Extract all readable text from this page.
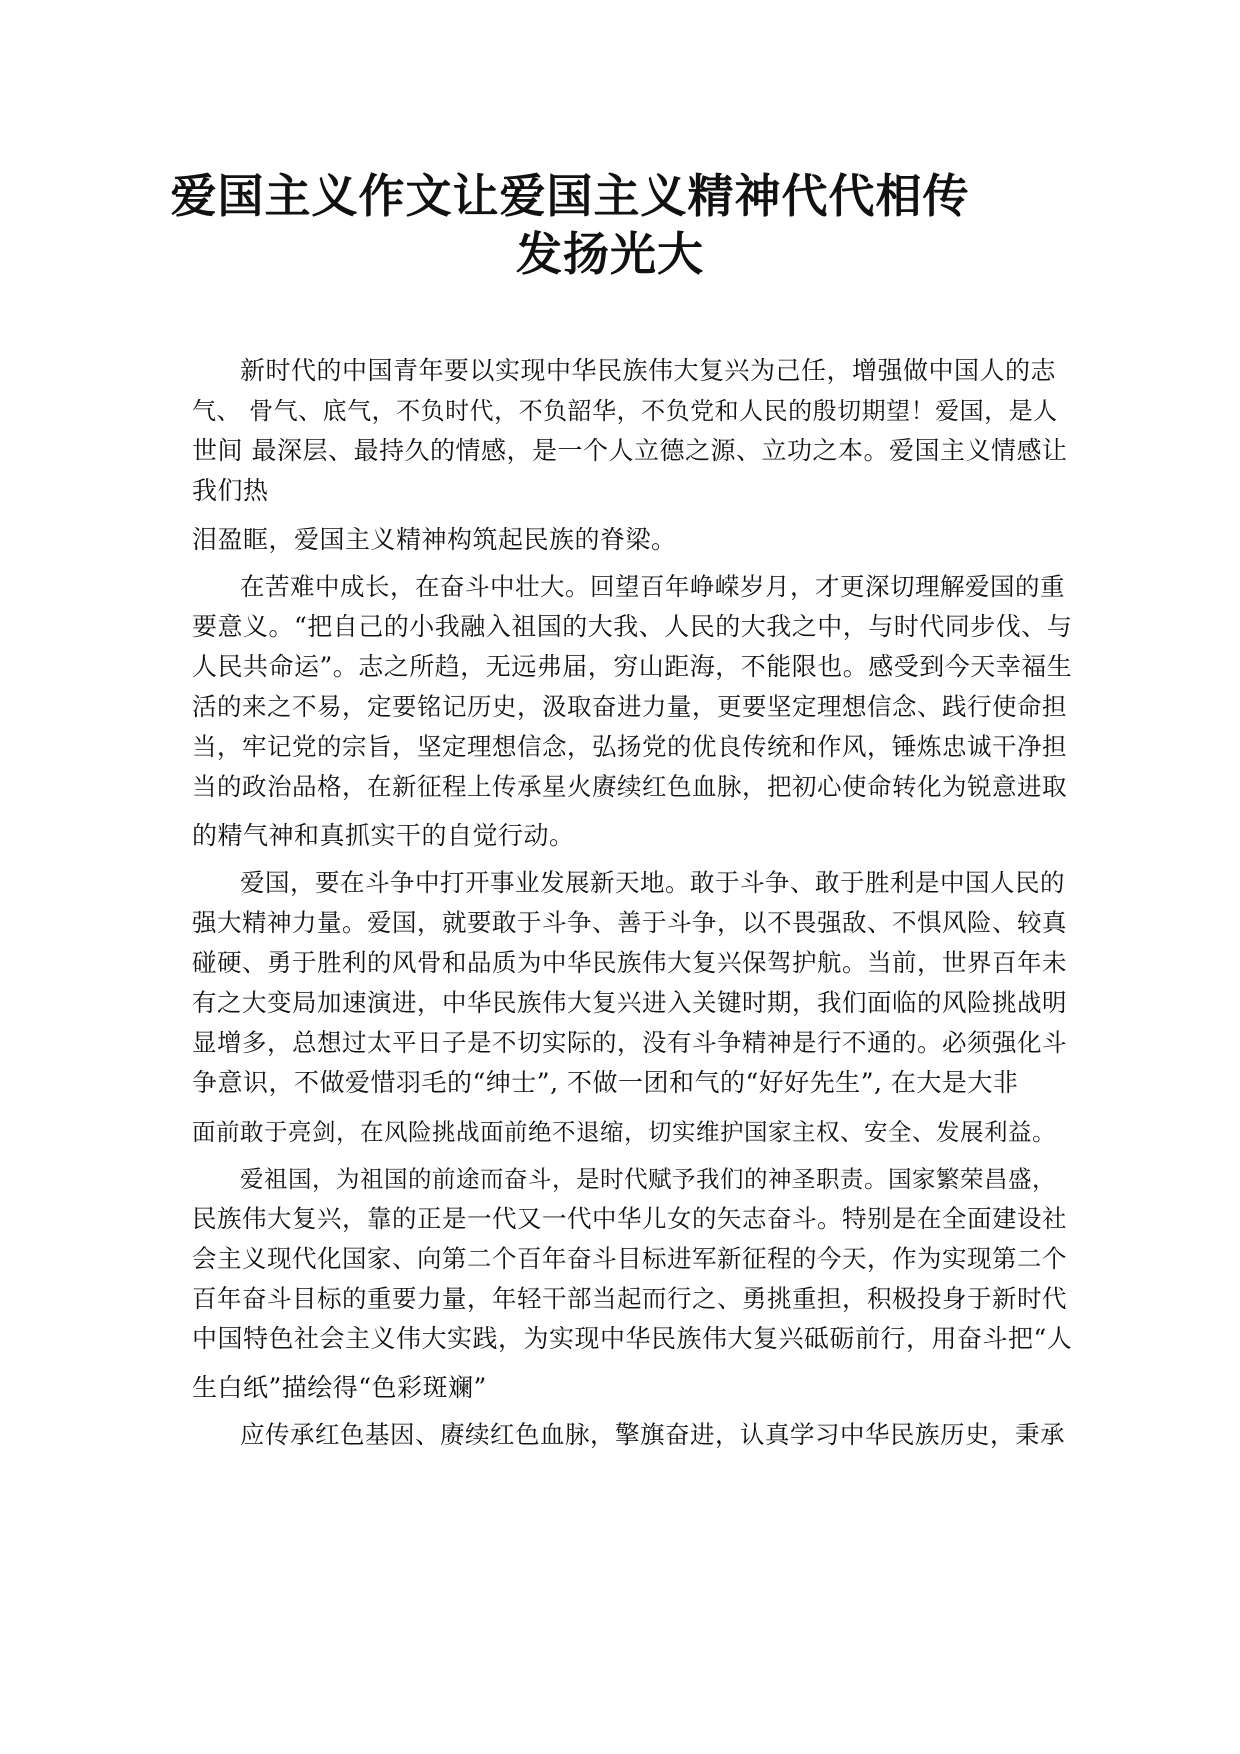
爱国主义作文让爱国主义精神代代相传
发扬光大
新时代的中国青年要以实现中华民族伟大复兴为己任，增强做中国人的志
气、 骨气、底气，不负时代，不负韶华，不负党和人民的殷切期望！爱国，是人
世间 最深层、最持久的情感，是一个人立德之源、立功之本。爱国主义情感让
我们热
泪盈眶，爱国主义精神构筑起民族的脊梁。
在苦难中成长，在奋斗中壮大。回望百年峥嵘岁月，才更深切理解爱国的重
要意义。“把自己的小我融入祖国的大我、人民的大我之中，与时代同步伐、与
人民共命运”。志之所趋，无远弗届，穷山距海，不能限也。感受到今天幸福生
活的来之不易，定要铭记历史，汲取奋进力量，更要坚定理想信念、践行使命担
当，牢记党的宗旨，坚定理想信念，弘扬党的优良传统和作风，锤炼忠诚干净担
当的政治品格，在新征程上传承星火赓续红色血脉，把初心使命转化为锐意进取
的精气神和真抓实干的自觉行动。
爱国，要在斗争中打开事业发展新天地。敢于斗争、敢于胜利是中国人民的
强大精神力量。爱国，就要敢于斗争、善于斗争，以不畏强敌、不惧风险、较真
碰硬、勇于胜利的风骨和品质为中华民族伟大复兴保驾护航。当前，世界百年未
有之大变局加速演进，中华民族伟大复兴进入关键时期，我们面临的风险挑战明
显增多，总想过太平日子是不切实际的，没有斗争精神是行不通的。必须强化斗
争意识，不做爱惜羽毛的“绅士”, 不做一团和气的“好好先生”, 在大是大非
面前敢于亮剑，在风险挑战面前绝不退缩，切实维护国家主权、安全、发展利益。
爱祖国，为祖国的前途而奋斗，是时代赋予我们的神圣职责。国家繁荣昌盛，
民族伟大复兴，靠的正是一代又一代中华儿女的矢志奋斗。特别是在全面建设社
会主义现代化国家、向第二个百年奋斗目标进军新征程的今天，作为实现第二个
百年奋斗目标的重要力量，年轻干部当起而行之、勇挑重担，积极投身于新时代
中国特色社会主义伟大实践，为实现中华民族伟大复兴砥砺前行，用奋斗把“人
生白纸”描绘得“色彩斑斓”
应传承红色基因、赓续红色血脉，擎旗奋进，认真学习中华民族历史，秉承
